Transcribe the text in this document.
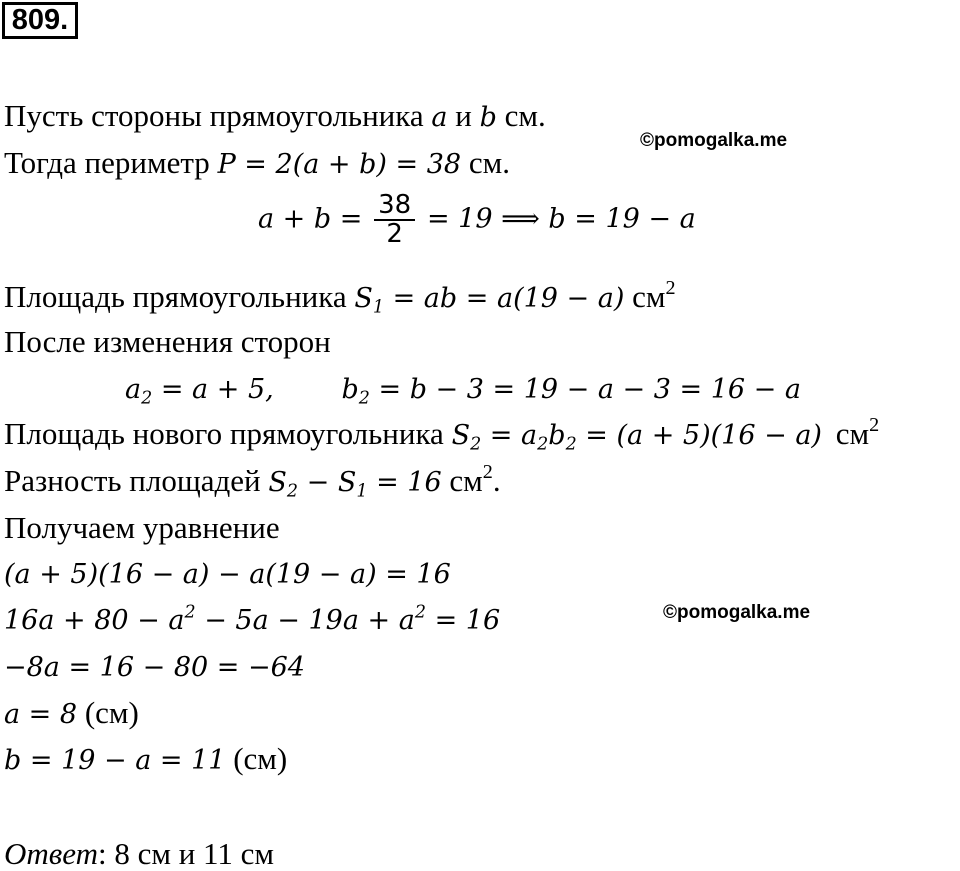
809.
©pomogalka.me
©pomogalka.me
Пусть стороны прямоугольника a и b см.
Тогда периметр P = 2(a + b) = 38 см.
$a + b = \frac{38}{2} = 19$ ⟹ b = 19 − a
Площадь прямоугольника $S_1$ = ab = a(19 − a) $см^2$
После изменения сторон
$a_2 = a + 5$,	$b_2 = b - 3 = 19 - a - 3 = 16 - a$
Площадь нового прямоугольника $S_2 = a_2b_2 = (a + 5)(16 - a)$ $см^2$
Разность площадей $S_2 - S_1 = 16$ $см^2$.
Получаем уравнение
(a + 5)(16 − a) − a(19 − a) = 16
$16a + 80 - a^2 - 5a - 19a + a^2 = 16$
−8a = 16 − 80 = −64
a = 8 (см)
b = 19 − a = 11 (см)
Ответ: 8 см и 11 см
